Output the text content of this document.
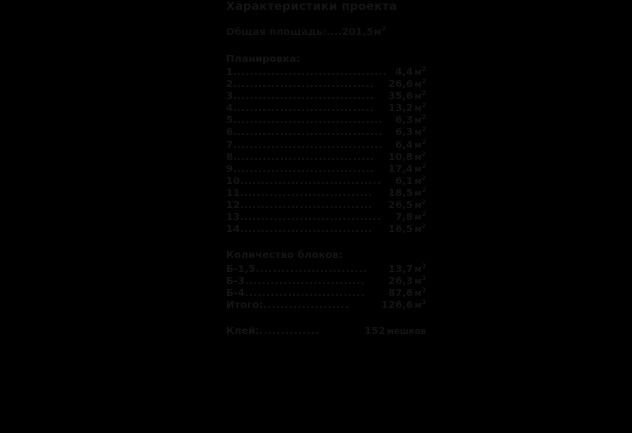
Характеристики проекта
Общая площадь: .... 201,5 $м^2$
Планировка:
1. ................................... 4,4 $м^2$
2. ................................	26,6 $м^2$
3. ................................	35,6 $м^2$
4. ................................	13,2 $м^2$
5. ..................................	6,3 $м^2$
6. ..................................	6,3 $м^2$
7. ..................................	6,4 $м^2$
8. ................................	10,8 $м^2$
9. ................................	17,4 $м^2$
10. ................................	6,1 $м^2$
11. ..............................	18,5 $м^2$
12. ..............................	26,5 $м^2$
13. ................................	7,8 $м^2$
14. ..............................	16,5 $м^2$
Количество блоков:
Б-1,5 ..........................	13,7 $м^3$
Б-3 ............................	26,3 $м^3$
Б-4 ............................	87,6 $м^3$
Итого: ....................	126,6 $м^3$
Клей: ..............	152 мешков
